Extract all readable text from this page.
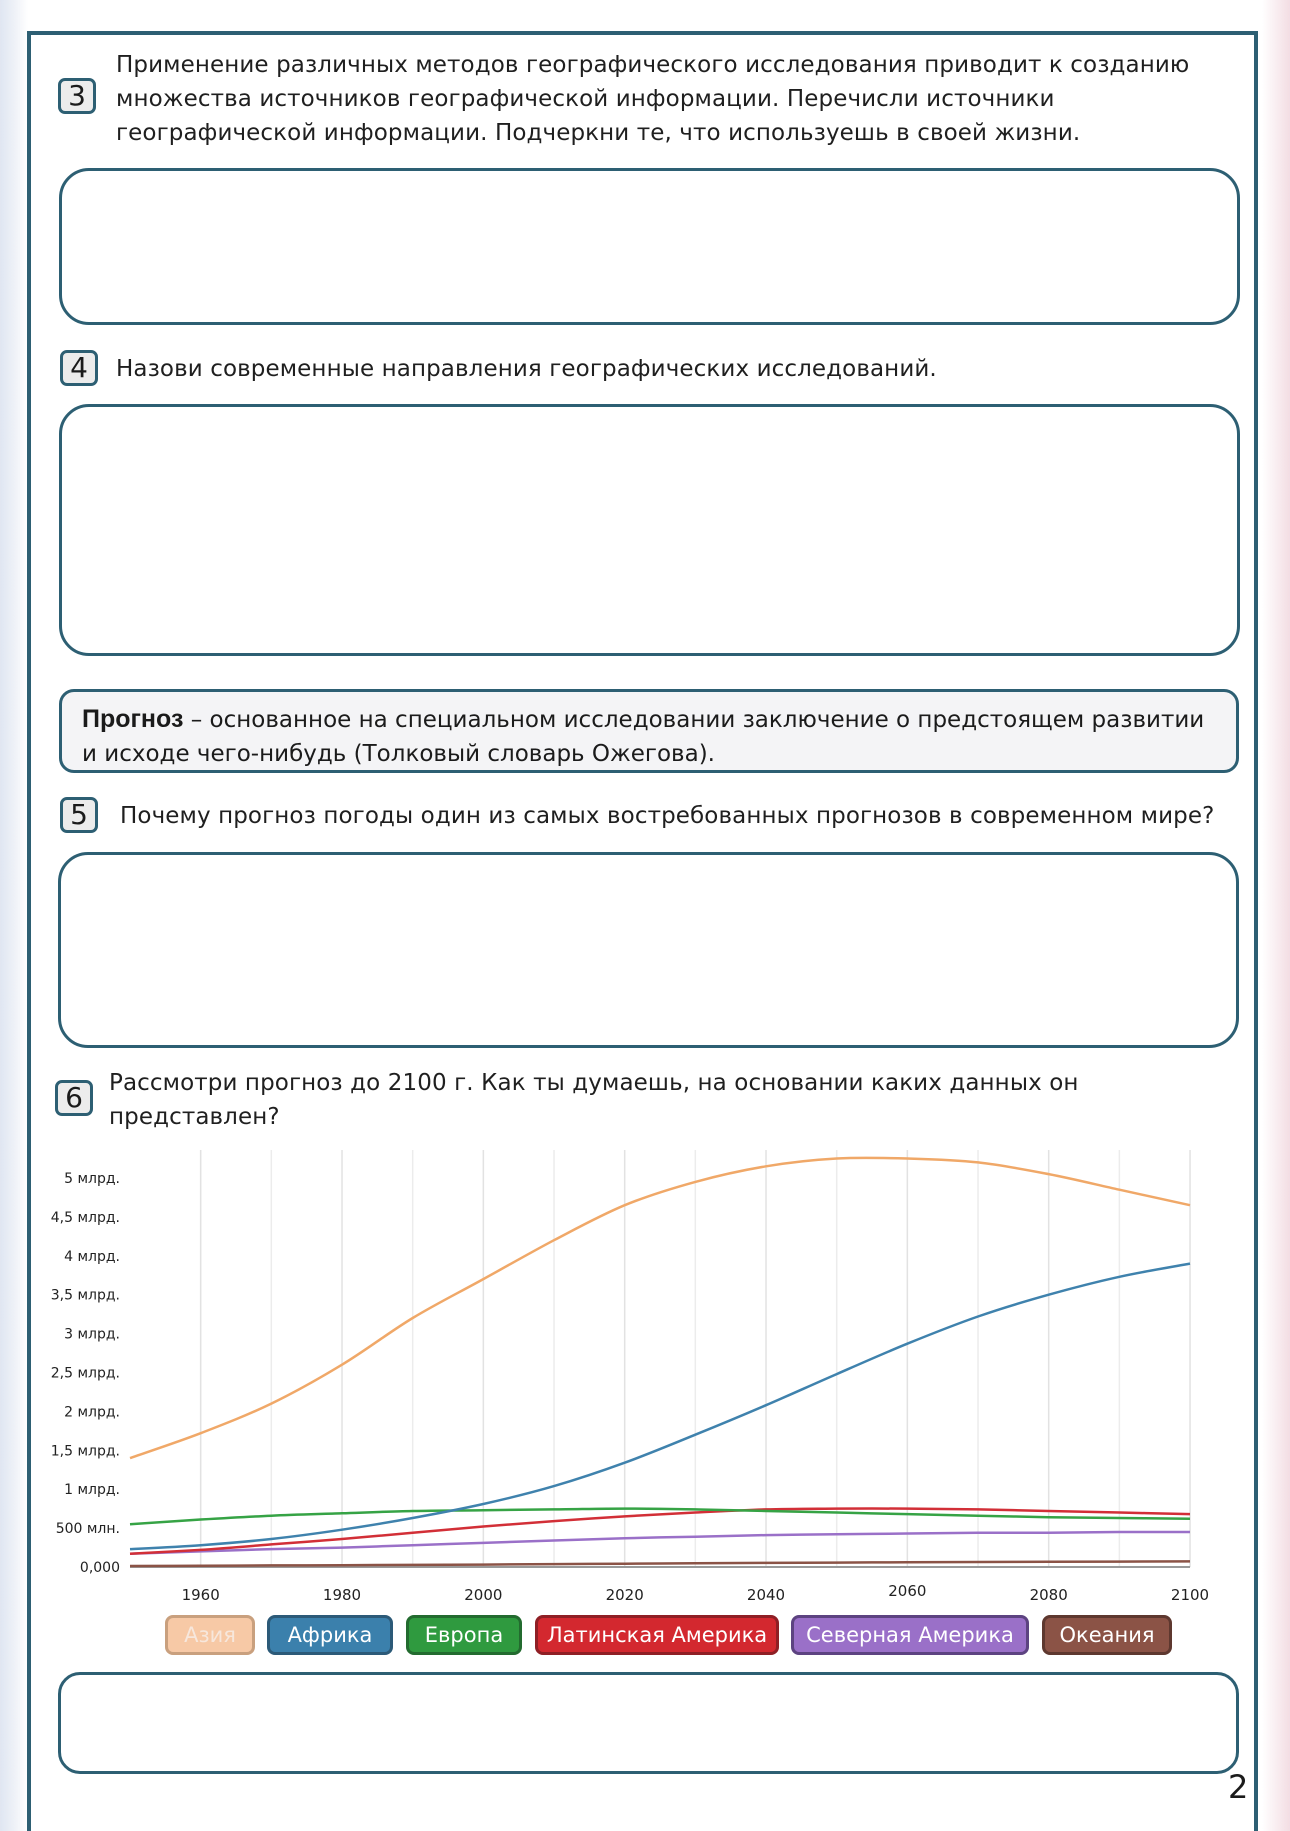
3
Применение различных методов географического исследования приводит к созданию
множества источников географической информации. Перечисли источники
географической информации. Подчеркни те, что используешь в своей жизни.
4	Назови современные направления географических исследований.
Прогноз – основанное на специальном исследовании заключение о предстоящем развитии
и исходе чего-нибудь (Толковый словарь Ожегова).
5	Почему прогноз погоды один из самых востребованных прогнозов в современном мире?
6	Рассмотри прогноз до 2100 г. Как ты думаешь, на основании каких данных он
представлен?
0,000
500 млн.
1 млрд.
1,5 млрд.
2 млрд.
2,5 млрд.
3 млрд.
3,5 млрд.
4 млрд.
4,5 млрд.
5 млрд.
1960	1980	2000	2020	2040	2060	2080	2100
Азия	Африка	Европа	Латинская Америка	Северная Америка	Океания
2
